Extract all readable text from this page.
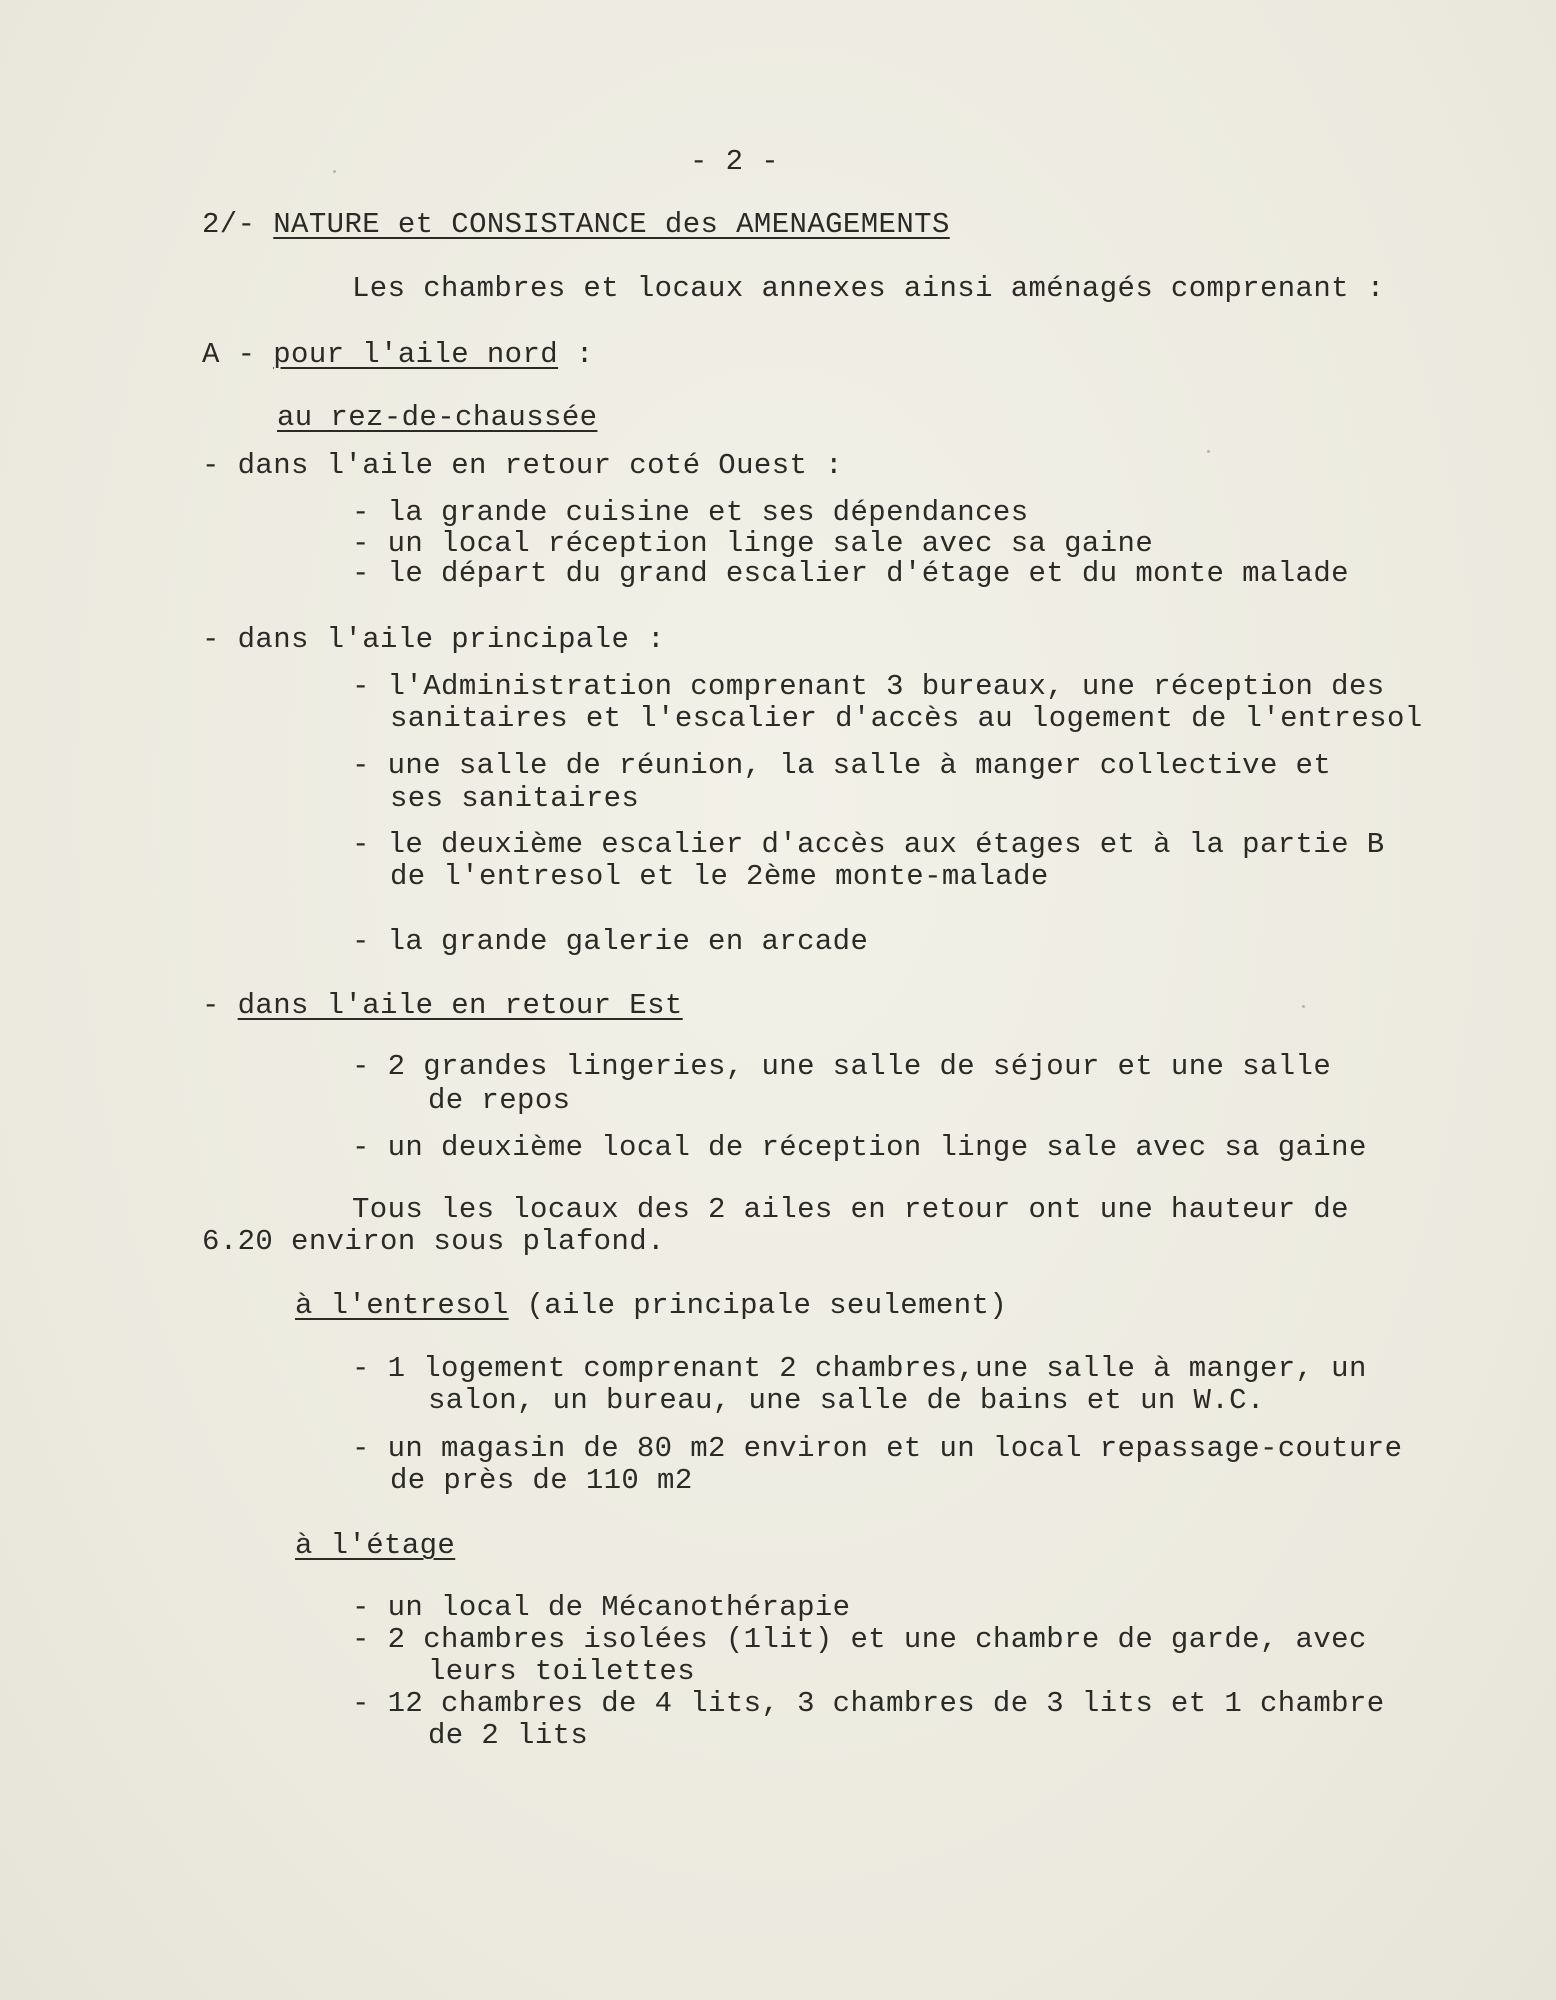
- 2 -
2/- NATURE et CONSISTANCE des AMENAGEMENTS
Les chambres et locaux annexes ainsi aménagés comprenant :
A - pour l'aile nord :
au rez-de-chaussée
- dans l'aile en retour coté Ouest :
- la grande cuisine et ses dépendances
- un local réception linge sale avec sa gaine
- le départ du grand escalier d'étage et du monte malade
- dans l'aile principale :
- l'Administration comprenant 3 bureaux, une réception des
sanitaires et l'escalier d'accès au logement de l'entresol
- une salle de réunion, la salle à manger collective et
ses sanitaires
- le deuxième escalier d'accès aux étages et à la partie B
de l'entresol et le 2ème monte-malade
- la grande galerie en arcade
- dans l'aile en retour Est
- 2 grandes lingeries, une salle de séjour et une salle
de repos
- un deuxième local de réception linge sale avec sa gaine
Tous les locaux des 2 ailes en retour ont une hauteur de
6.20 environ sous plafond.
à l'entresol (aile principale seulement)
- 1 logement comprenant 2 chambres,une salle à manger, un
salon, un bureau, une salle de bains et un W.C.
- un magasin de 80 m2 environ et un local repassage-couture
de près de 110 m2
à l'étage
- un local de Mécanothérapie
- 2 chambres isolées (1lit) et une chambre de garde, avec
leurs toilettes
- 12 chambres de 4 lits, 3 chambres de 3 lits et 1 chambre
de 2 lits
